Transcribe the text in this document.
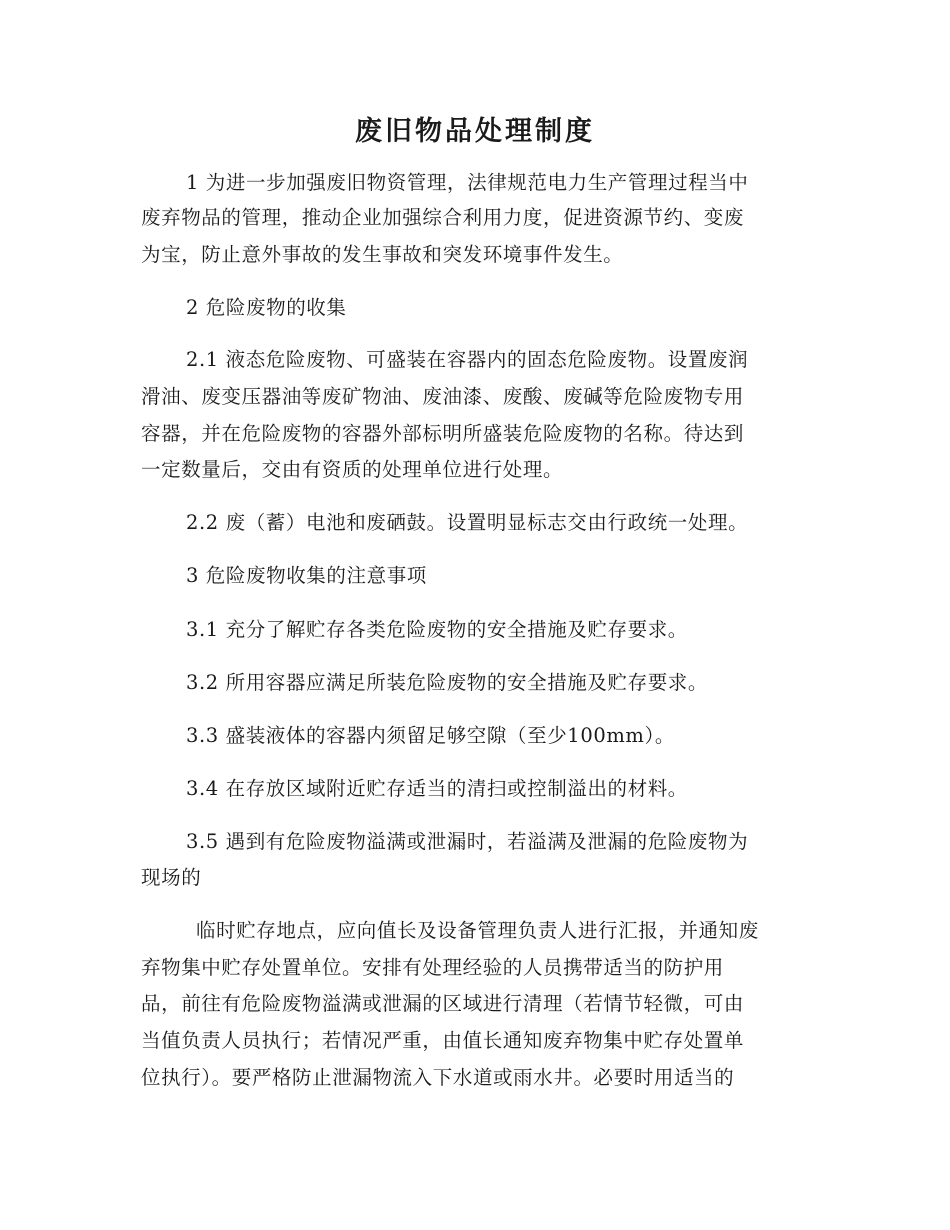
废旧物品处理制度
1 为进一步加强废旧物资管理，法律规范电力生产管理过程当中
废弃物品的管理，推动企业加强综合利用力度，促进资源节约、变废
为宝，防止意外事故的发生事故和突发环境事件发生。
2 危险废物的收集
2.1 液态危险废物、可盛装在容器内的固态危险废物。设置废润
滑油、废变压器油等废矿物油、废油漆、废酸、废碱等危险废物专用
容器，并在危险废物的容器外部标明所盛装危险废物的名称。待达到
一定数量后，交由有资质的处理单位进行处理。
2.2 废（蓄）电池和废硒鼓。设置明显标志交由行政统一处理。
3 危险废物收集的注意事项
3.1 充分了解贮存各类危险废物的安全措施及贮存要求。
3.2 所用容器应满足所装危险废物的安全措施及贮存要求。
3.3 盛装液体的容器内须留足够空隙（至少100mm）。
3.4 在存放区域附近贮存适当的清扫或控制溢出的材料。
3.5 遇到有危险废物溢满或泄漏时，若溢满及泄漏的危险废物为
现场的
临时贮存地点，应向值长及设备管理负责人进行汇报，并通知废
弃物集中贮存处置单位。安排有处理经验的人员携带适当的防护用
品，前往有危险废物溢满或泄漏的区域进行清理（若情节轻微，可由
当值负责人员执行；若情况严重，由值长通知废弃物集中贮存处置单
位执行）。要严格防止泄漏物流入下水道或雨水井。必要时用适当的
